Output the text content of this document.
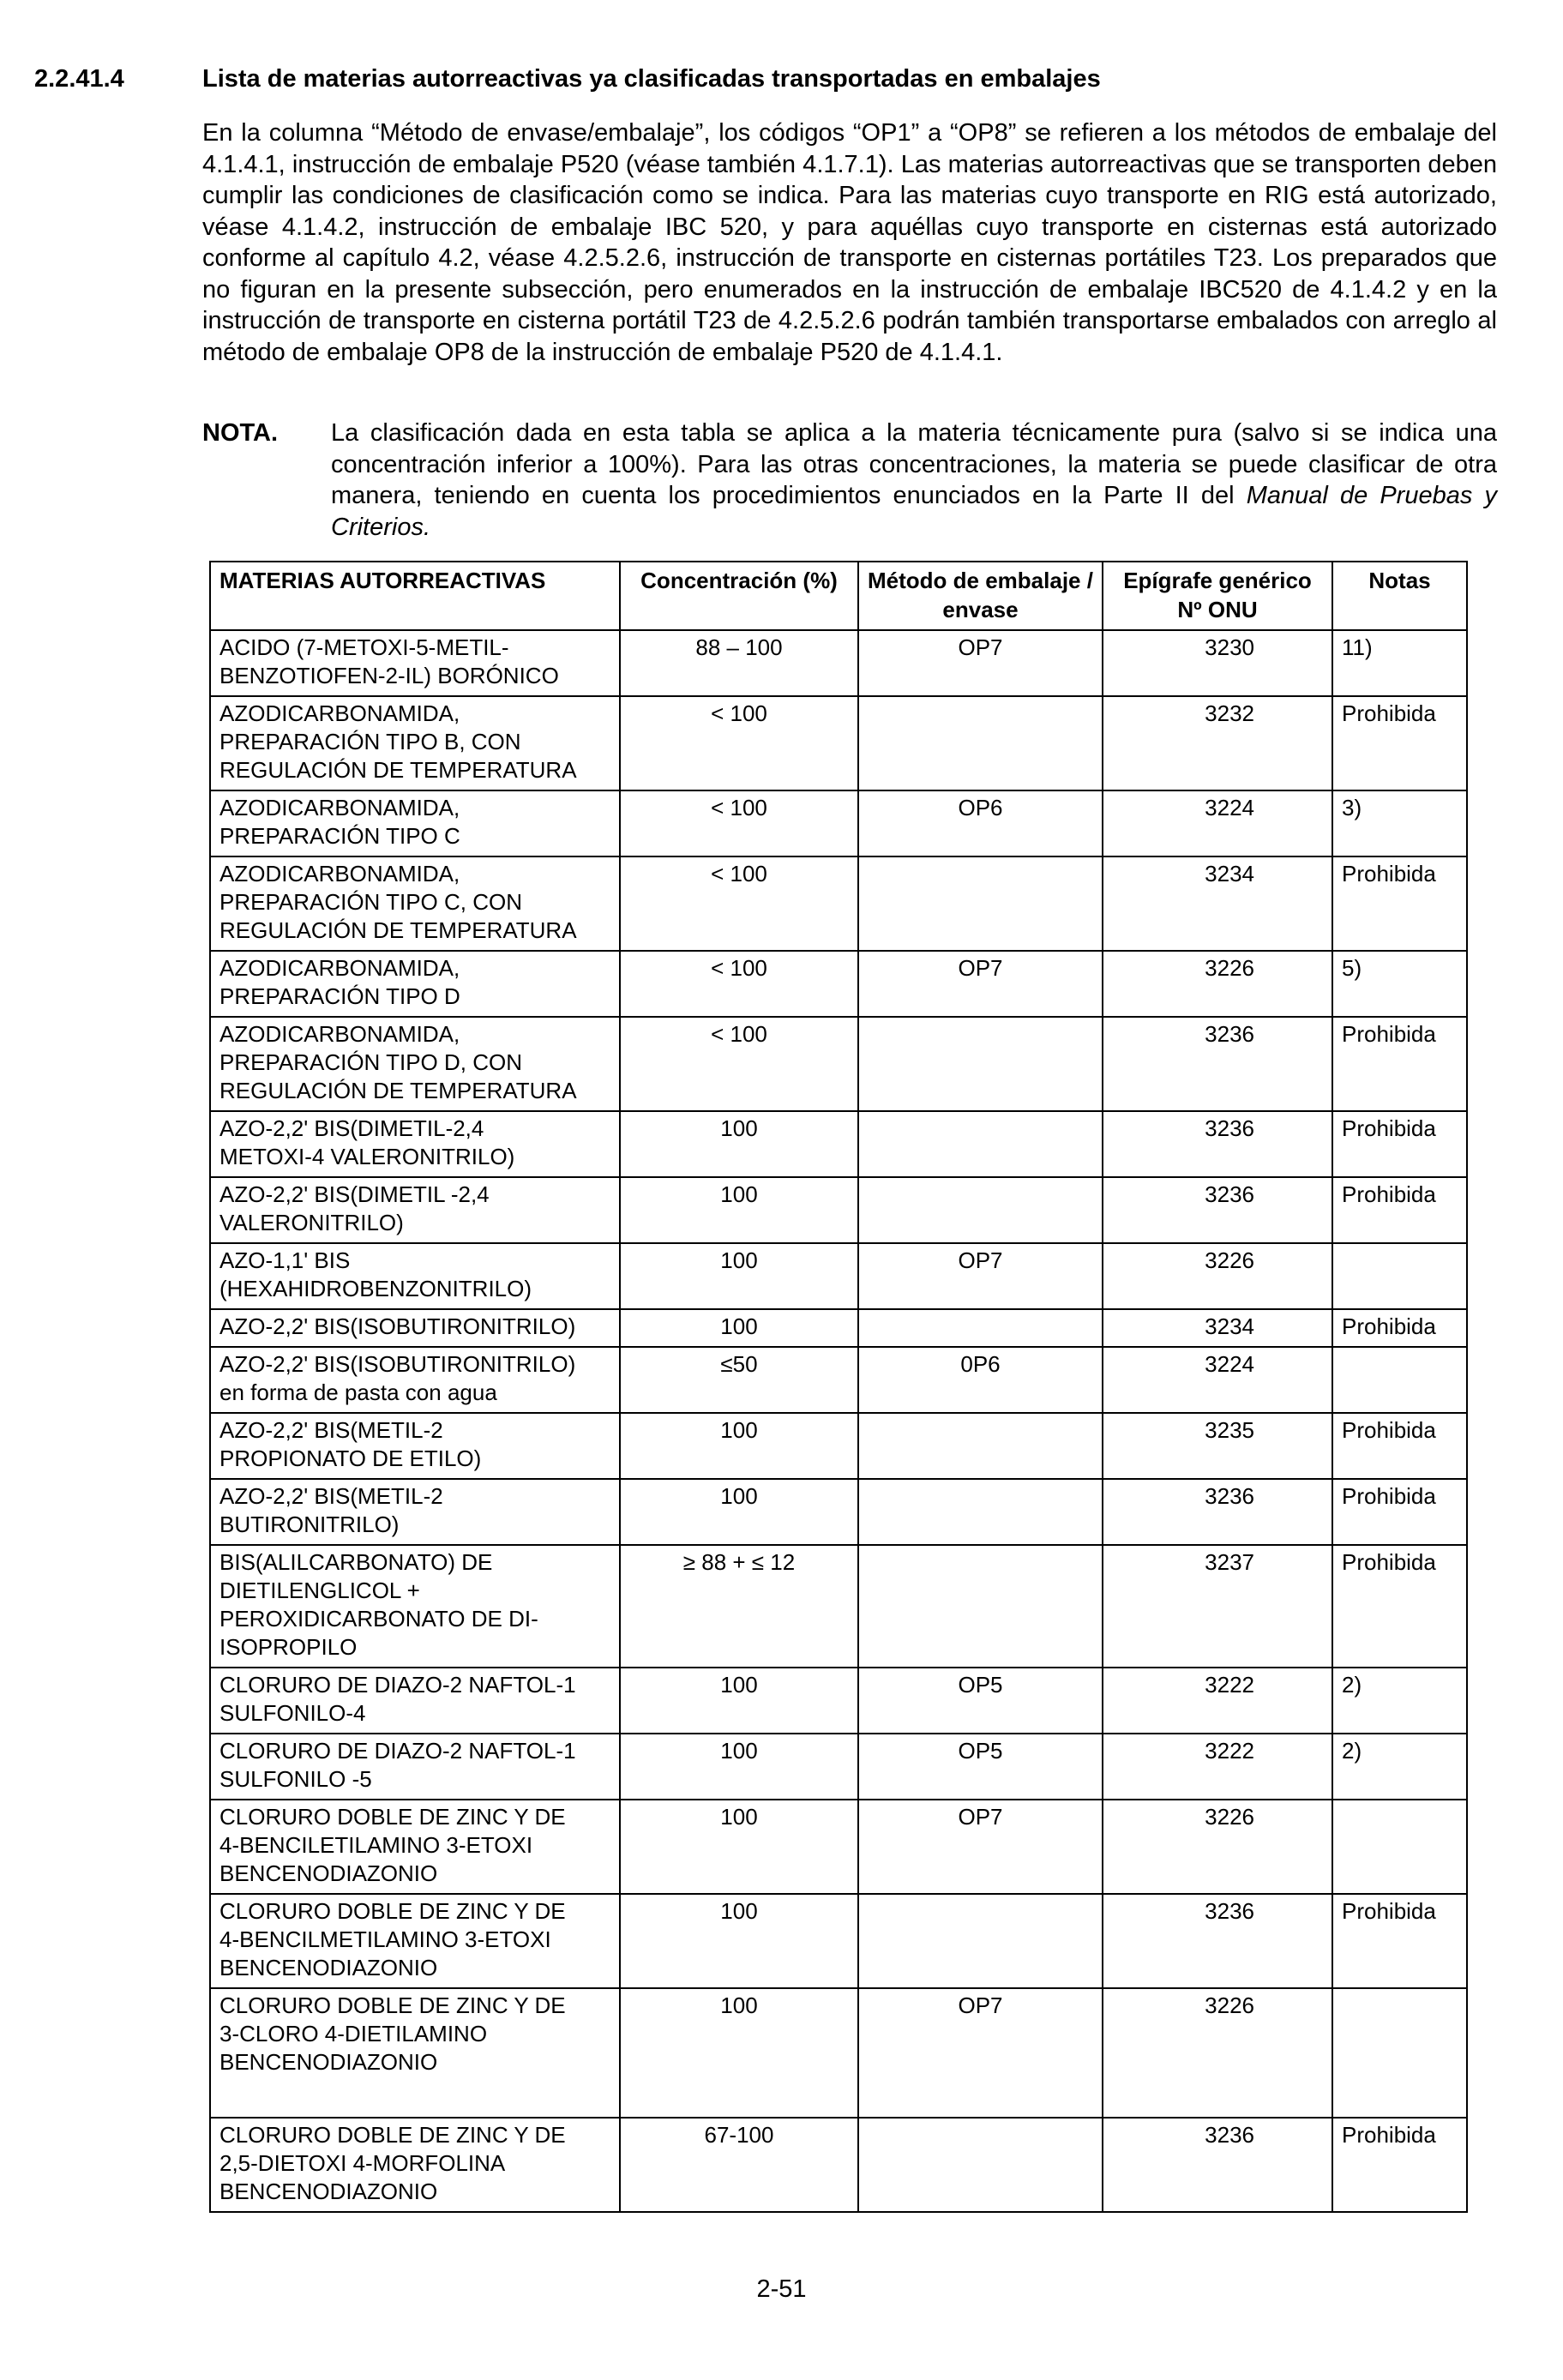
2.2.41.4	Lista de materias autorreactivas ya clasificadas transportadas en embalajes
En la columna “Método de envase/embalaje”, los códigos “OP1” a “OP8” se refieren a los métodos de embalaje del 4.1.4.1, instrucción de embalaje P520 (véase también 4.1.7.1). Las materias autorreactivas que se transporten deben cumplir las condiciones de clasificación como se indica. Para las materias cuyo transporte en RIG está autorizado, véase 4.1.4.2, instrucción de embalaje IBC 520, y para aquéllas cuyo transporte en cisternas está autorizado conforme al capítulo 4.2, véase 4.2.5.2.6, instrucción de transporte en cisternas portátiles T23. Los preparados que no figuran en la presente subsección, pero enumerados en la instrucción de embalaje IBC520 de 4.1.4.2 y en la instrucción de transporte en cisterna portátil T23 de 4.2.5.2.6 podrán también transportarse embalados con arreglo al método de embalaje OP8 de la instrucción de embalaje P520 de 4.1.4.1.
NOTA. La clasificación dada en esta tabla se aplica a la materia técnicamente pura (salvo si se indica una concentración inferior a 100%). Para las otras concentraciones, la materia se puede clasificar de otra manera, teniendo en cuenta los procedimientos enunciados en la Parte II del Manual de Pruebas y Criterios.
MATERIAS AUTORREACTIVAS	Concentración (%)	Método de embalaje / envase	Epígrafe genérico Nº ONU	Notas
ACIDO (7-METOXI-5-METIL-
BENZOTIOFEN-2-IL) BORÓNICO	88 – 100	OP7	3230	11)
AZODICARBONAMIDA,
PREPARACIÓN TIPO B, CON
REGULACIÓN DE TEMPERATURA	< 100		3232	Prohibida
AZODICARBONAMIDA,
PREPARACIÓN TIPO C	< 100	OP6	3224	3)
AZODICARBONAMIDA,
PREPARACIÓN TIPO C, CON
REGULACIÓN DE TEMPERATURA	< 100		3234	Prohibida
AZODICARBONAMIDA,
PREPARACIÓN TIPO D	< 100	OP7	3226	5)
AZODICARBONAMIDA,
PREPARACIÓN TIPO D, CON
REGULACIÓN DE TEMPERATURA	< 100		3236	Prohibida
AZO-2,2' BIS(DIMETIL-2,4
METOXI-4 VALERONITRILO)	100		3236	Prohibida
AZO-2,2' BIS(DIMETIL -2,4
VALERONITRILO)	100		3236	Prohibida
AZO-1,1' BIS
(HEXAHIDROBENZONITRILO)	100	OP7	3226	
AZO-2,2' BIS(ISOBUTIRONITRILO)	100		3234	Prohibida
AZO-2,2' BIS(ISOBUTIRONITRILO)
en forma de pasta con agua	≤50	0P6	3224	
AZO-2,2' BIS(METIL-2
PROPIONATO DE ETILO)	100		3235	Prohibida
AZO-2,2' BIS(METIL-2
BUTIRONITRILO)	100		3236	Prohibida
BIS(ALILCARBONATO) DE
DIETILENGLICOL +
PEROXIDICARBONATO DE DI-
ISOPROPILO	≥ 88 + ≤ 12		3237	Prohibida
CLORURO DE DIAZO-2 NAFTOL-1
SULFONILO-4	100	OP5	3222	2)
CLORURO DE DIAZO-2 NAFTOL-1
SULFONILO -5	100	OP5	3222	2)
CLORURO DOBLE DE ZINC Y DE
4-BENCILETILAMINO 3-ETOXI
BENCENODIAZONIO	100	OP7	3226	
CLORURO DOBLE DE ZINC Y DE
4-BENCILMETILAMINO 3-ETOXI
BENCENODIAZONIO	100		3236	Prohibida
CLORURO DOBLE DE ZINC Y DE
3-CLORO 4-DIETILAMINO
BENCENODIAZONIO	100	OP7	3226	
CLORURO DOBLE DE ZINC Y DE
2,5-DIETOXI 4-MORFOLINA
BENCENODIAZONIO	67-100		3236	Prohibida
2-51
